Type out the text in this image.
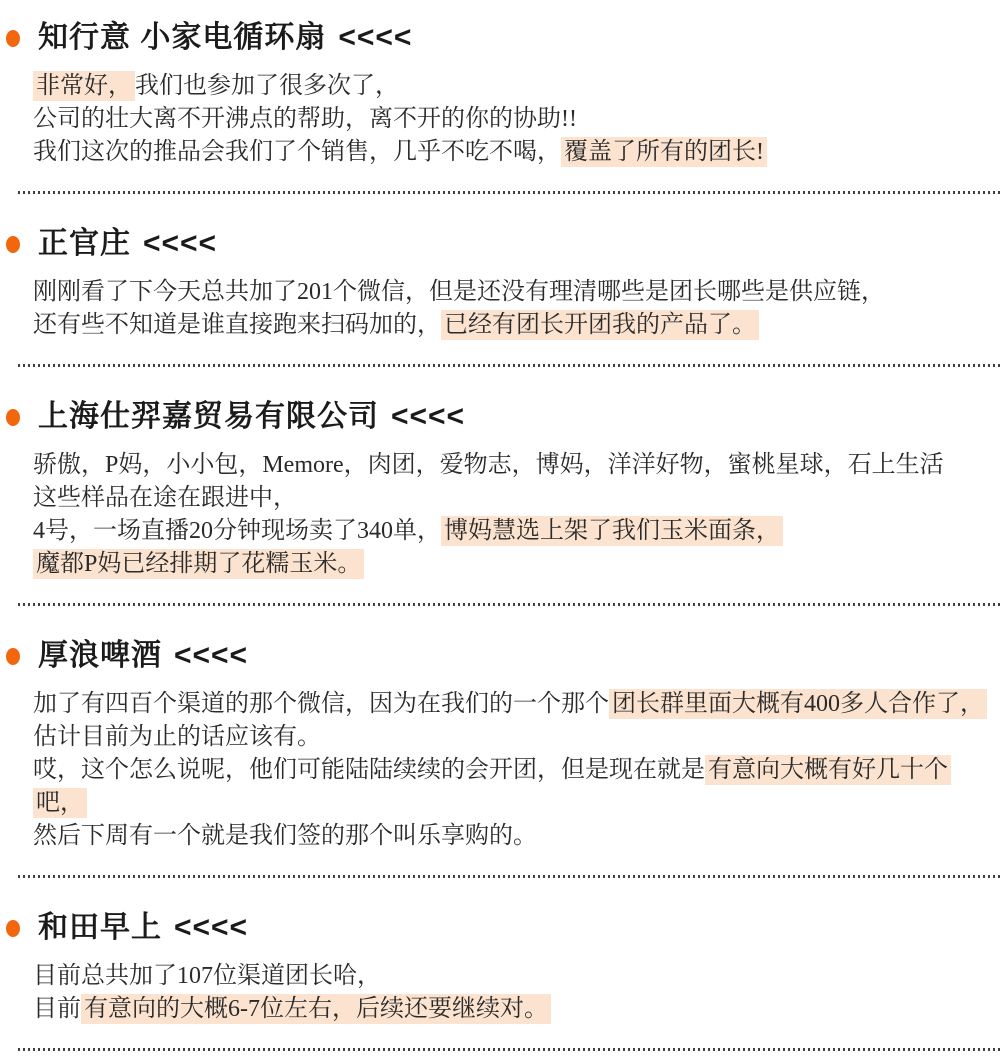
知行意 小家电循环扇<<<<

非常好， 我们也参加了很多次了，

公司的壮大离不开沸点的帮助，离不开的你的协助!!

我们这次的推品会我们了个销售，几乎不吃不喝， 覆盖了所有的团长!

正官庄<<<<

刚刚看了下今天总共加了201个微信，但是还没有理清哪些是团长哪些是供应链，

还有些不知道是谁直接跑来扫码加的， 已经有团长开团我的产品了。

上海仕羿嘉贸易有限公司<<<<

骄傲，P妈，小小包，Memore，肉团，爱物志，博妈，洋洋好物，蜜桃星球，石上生活

这些样品在途在跟进中，

4号，一场直播20分钟现场卖了340单， 博妈慧选上架了我们玉米面条，

魔都P妈已经排期了花糯玉米。

厚浪啤酒<<<<

加了有四百个渠道的那个微信，因为在我们的一个那个 团长群里面大概有400多人合作了，

估计目前为止的话应该有。

哎，这个怎么说呢，他们可能陆陆续续的会开团，但是现在就是 有意向大概有好几十个吧，

然后下周有一个就是我们签的那个叫乐享购的。

和田早上<<<<

目前总共加了107位渠道团长哈，

目前 有意向的大概6-7位左右，后续还要继续对。
